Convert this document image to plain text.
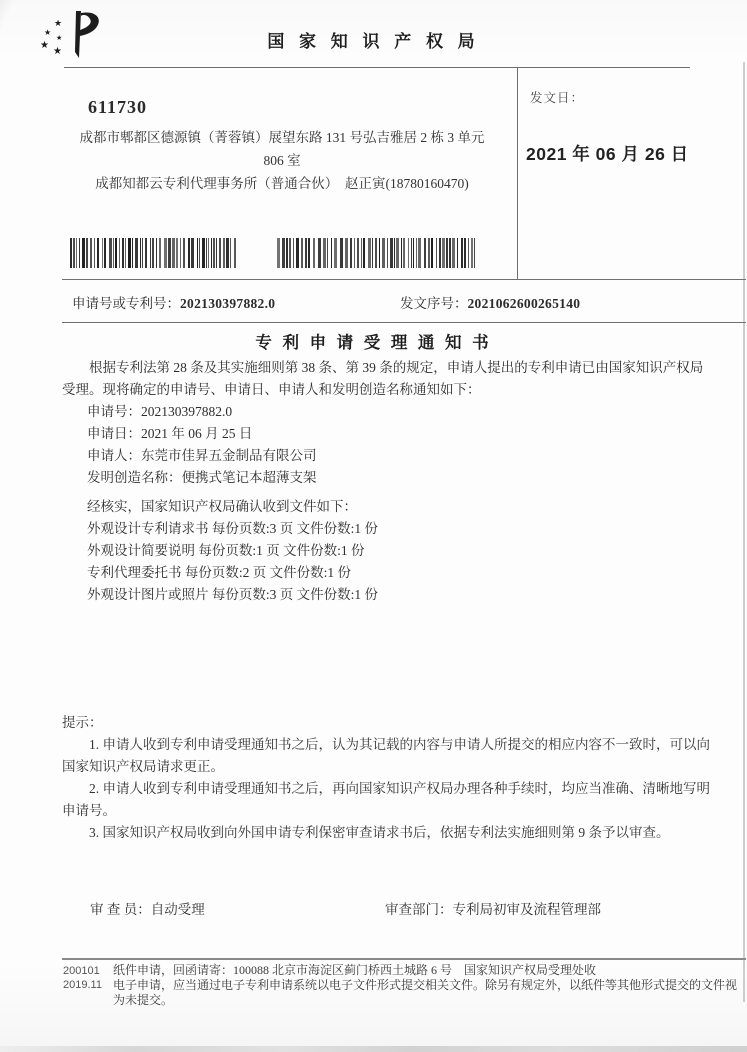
★
★
★
★
★
国 家 知 识 产 权 局
611730
成都市郫都区德源镇（菁蓉镇）展望东路 131 号弘吉雅居 2 栋 3 单元
806 室
成都知都云专利代理事务所（普通合伙）　赵正寅(18780160470)
发文日：
2021 年 06 月 26 日
申请号或专利号：202130397882.0	发文序号：2021062600265140
专 利 申 请 受 理 通 知 书

根据专利法第 28 条及其实施细则第 38 条、第 39 条的规定，申请人提出的专利申请已由国家知识产权局受理。现将确定的申请号、申请日、申请人和发明创造名称通知如下：

申请号：202130397882.0

申请日：2021 年 06 月 25 日

申请人：东莞市佳昇五金制品有限公司

发明创造名称：便携式笔记本超薄支架

经核实，国家知识产权局确认收到文件如下：

外观设计专利请求书 每份页数:3 页 文件份数:1 份

外观设计简要说明 每份页数:1 页 文件份数:1 份

专利代理委托书 每份页数:2 页 文件份数:1 份

外观设计图片或照片 每份页数:3 页 文件份数:1 份

提示：

1. 申请人收到专利申请受理通知书之后，认为其记载的内容与申请人所提交的相应内容不一致时，可以向国家知识产权局请求更正。

2. 申请人收到专利申请受理通知书之后，再向国家知识产权局办理各种手续时，均应当准确、清晰地写明申请号。

3. 国家知识产权局收到向外国申请专利保密审查请求书后，依据专利法实施细则第 9 条予以审查。

审 查 员：自动受理	审查部门：专利局初审及流程管理部
200101
2019.11

纸件申请，回函请寄：100088 北京市海淀区蓟门桥西土城路 6 号　国家知识产权局受理处收

电子申请，应当通过电子专利申请系统以电子文件形式提交相关文件。除另有规定外，以纸件等其他形式提交的文件视为未提交。
